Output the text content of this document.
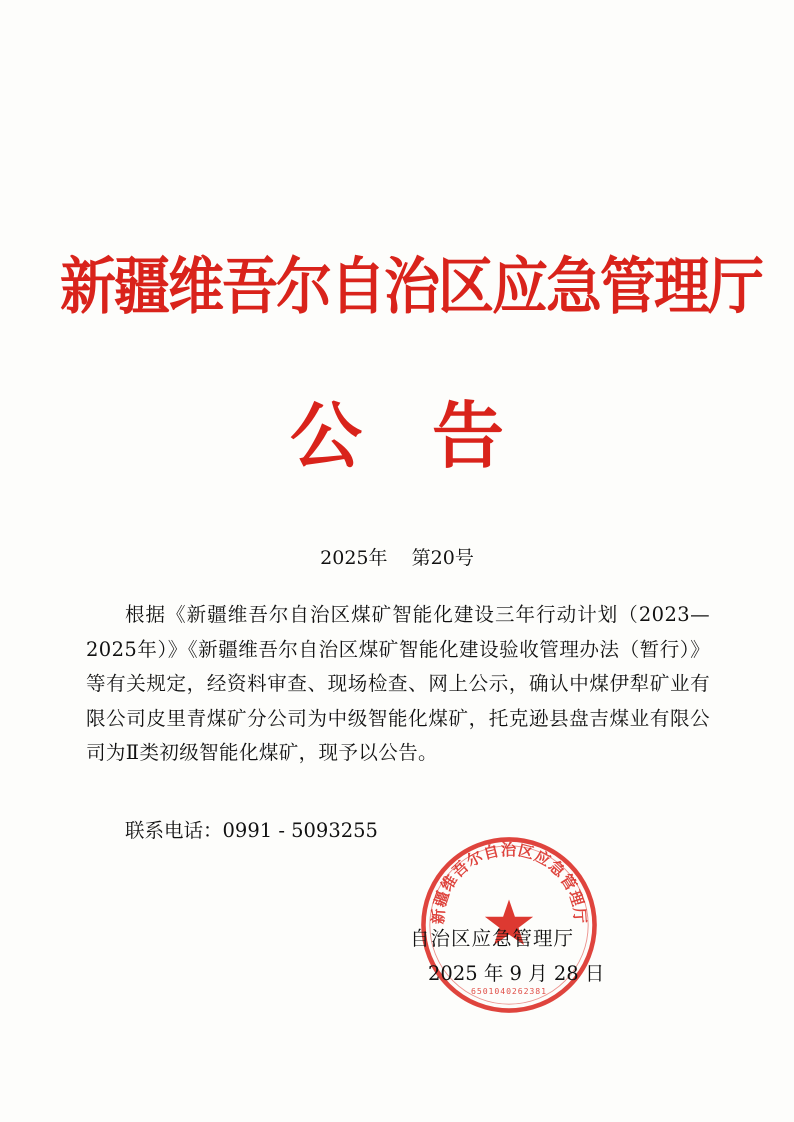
新疆维吾尔自治区应急管理厅
公告
2025年    第20号
根据《新疆维吾尔自治区煤矿智能化建设三年行动计划（2023—2025年）》《新疆维吾尔自治区煤矿智能化建设验收管理办法（暂行）》等有关规定，经资料审查、现场检查、网上公示，确认中煤伊犁矿业有限公司皮里青煤矿分公司为中级智能化煤矿，托克逊县盘吉煤业有限公司为Ⅱ类初级智能化煤矿，现予以公告。
联系电话：0991 - 5093255
新疆维吾尔自治区应急管理厅
6501040262381
自治区应急管理厅
2025 年 9 月 28 日
